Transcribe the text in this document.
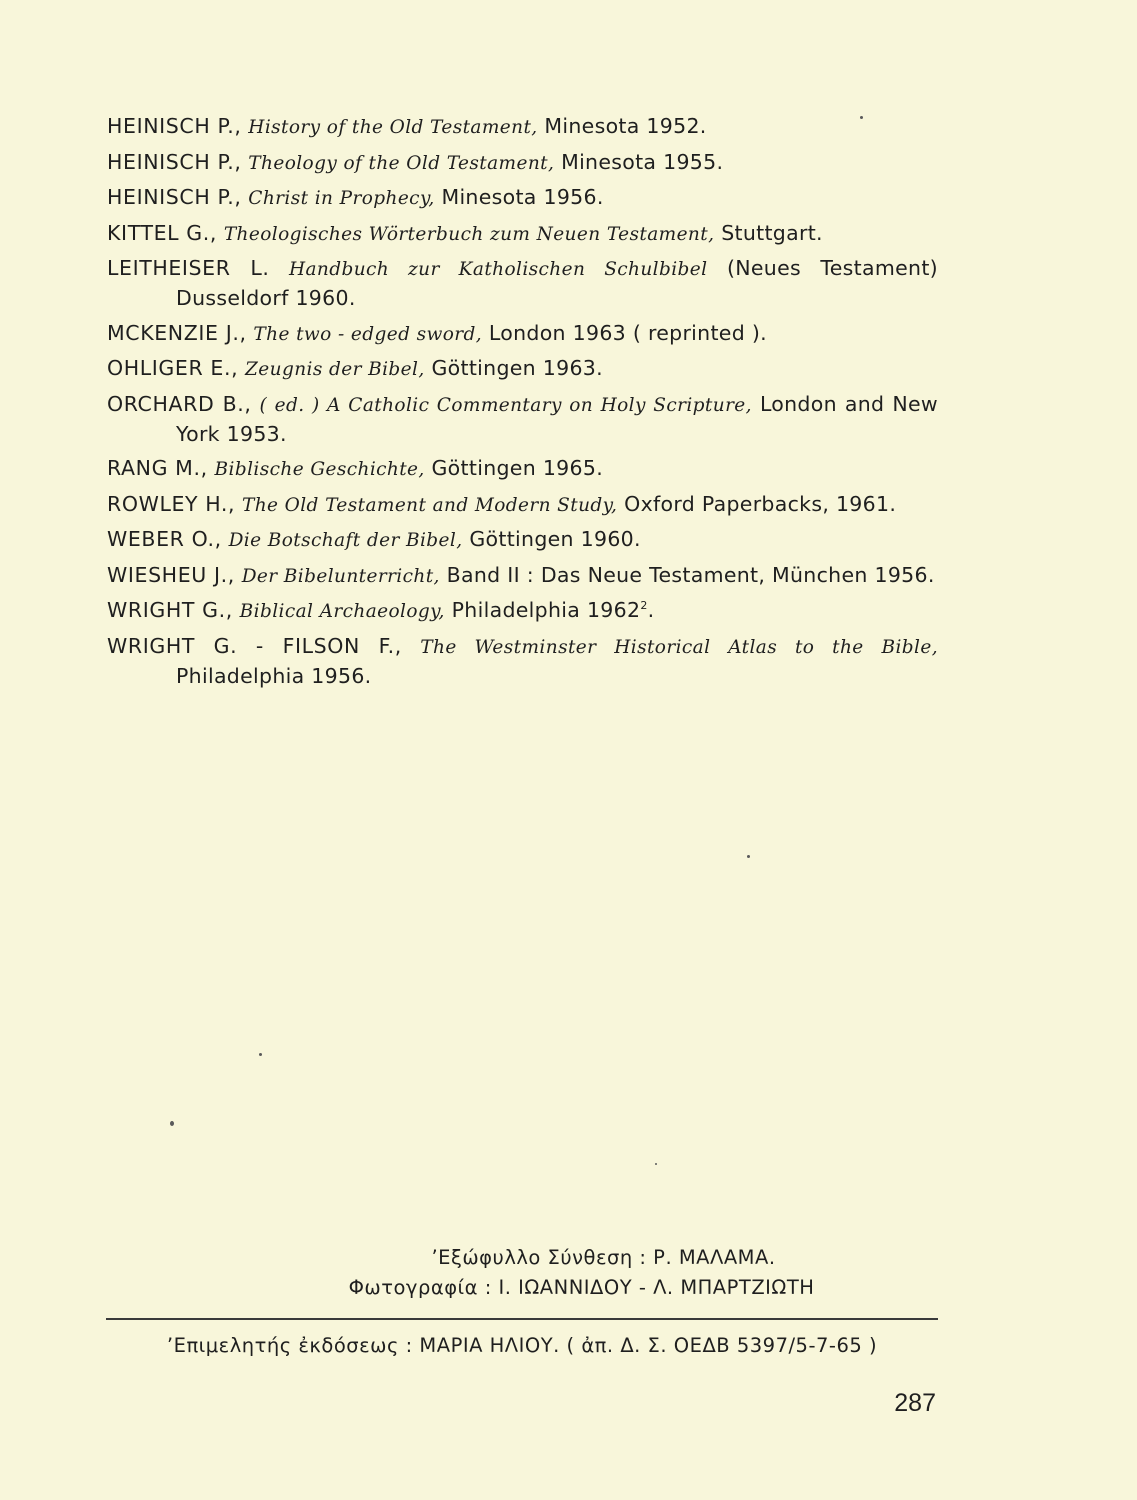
HEINISCH P., History of the Old Testament, Minesota 1952.
HEINISCH P., Theology of the Old Testament, Minesota 1955.
HEINISCH P., Christ in Prophecy, Minesota 1956.
KITTEL G., Theologisches Wörterbuch zum Neuen Testament, Stuttgart.
LEITHEISER L. Handbuch zur Katholischen Schulbibel (Neues Testament) Dusseldorf 1960.
MCKENZIE J., The two - edged sword, London 1963 ( reprinted ).
OHLIGER E., Zeugnis der Bibel, Göttingen 1963.
ORCHARD B., ( ed. ) A Catholic Commentary on Holy Scripture, London and New York 1953.
RANG M., Biblische Geschichte, Göttingen 1965.
ROWLEY H., The Old Testament and Modern Study, Oxford Paperbacks, 1961.
WEBER O., Die Botschaft der Bibel, Göttingen 1960.
WIESHEU J., Der Bibelunterricht, Band II : Das Neue Testament, München 1956.
WRIGHT G., Biblical Archaeology, Philadelphia 1962$^2$.
WRIGHT G. - FILSON F., The Westminster Historical Atlas to the Bible, Philadelphia 1956.
’Εξώφυλλο Σύνθεση : Ρ. ΜΑΛΑΜΑ.
Φωτογραφία : Ι. ΙΩΑΝΝΙΔΟΥ - Λ. ΜΠΑΡΤΖΙΩΤΗ
’Επιμελητής ἐκδόσεως : ΜΑΡΙΑ ΗΛΙΟΥ. ( ἀπ. Δ. Σ. ΟΕΔΒ 5397/5-7-65 )
287
